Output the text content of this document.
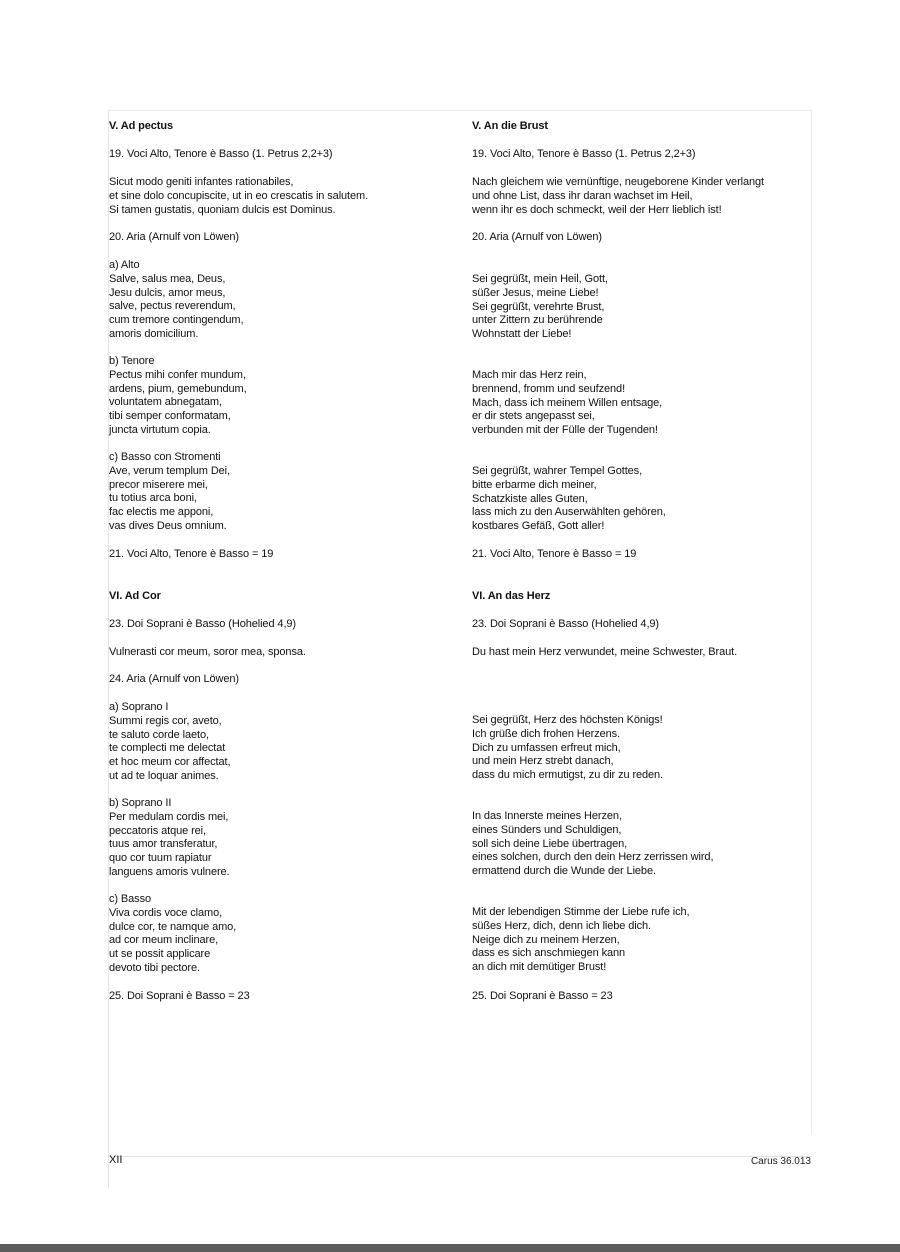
V. Ad pectus
19. Voci Alto, Tenore è Basso (1. Petrus 2,2+3)
Sicut modo geniti infantes rationabiles,
et sine dolo concupiscite, ut in eo crescatis in salutem.
Si tamen gustatis, quoniam dulcis est Dominus.
20. Aria (Arnulf von Löwen)
a) Alto
Salve, salus mea, Deus,
Jesu dulcis, amor meus,
salve, pectus reverendum,
cum tremore contingendum,
amoris domicilium.
b) Tenore
Pectus mihi confer mundum,
ardens, pium, gemebundum,
voluntatem abnegatam,
tibi semper conformatam,
juncta virtutum copia.
c) Basso con Stromenti
Ave, verum templum Dei,
precor miserere mei,
tu totius arca boni,
fac electis me apponi,
vas dives Deus omnium.
21. Voci Alto, Tenore è Basso = 19
VI. Ad Cor
23. Doi Soprani è Basso (Hohelied 4,9)
Vulnerasti cor meum, soror mea, sponsa.
24. Aria (Arnulf von Löwen)
a) Soprano I
Summi regis cor, aveto,
te saluto corde laeto,
te complecti me delectat
et hoc meum cor affectat,
ut ad te loquar animes.
b) Soprano II
Per medulam cordis mei,
peccatoris atque rei,
tuus amor transferatur,
quo cor tuum rapiatur
languens amoris vulnere.
c) Basso
Viva cordis voce clamo,
dulce cor, te namque amo,
ad cor meum inclinare,
ut se possit applicare
devoto tibi pectore.
25. Doi Soprani è Basso = 23
V. An die Brust
19. Voci Alto, Tenore è Basso (1. Petrus 2,2+3)
Nach gleichem wie vernünftige, neugeborene Kinder verlangt
und ohne List, dass ihr daran wachset im Heil,
wenn ihr es doch schmeckt, weil der Herr lieblich ist!
20. Aria (Arnulf von Löwen)
Sei gegrüßt, mein Heil, Gott,
süßer Jesus, meine Liebe!
Sei gegrüßt, verehrte Brust,
unter Zittern zu berührende
Wohnstatt der Liebe!
Mach mir das Herz rein,
brennend, fromm und seufzend!
Mach, dass ich meinem Willen entsage,
er dir stets angepasst sei,
verbunden mit der Fülle der Tugenden!
Sei gegrüßt, wahrer Tempel Gottes,
bitte erbarme dich meiner,
Schatzkiste alles Guten,
lass mich zu den Auserwählten gehören,
kostbares Gefäß, Gott aller!
21. Voci Alto, Tenore è Basso = 19
VI. An das Herz
23. Doi Soprani è Basso (Hohelied 4,9)
Du hast mein Herz verwundet, meine Schwester, Braut.
Sei gegrüßt, Herz des höchsten Königs!
Ich grüße dich frohen Herzens.
Dich zu umfassen erfreut mich,
und mein Herz strebt danach,
dass du mich ermutigst, zu dir zu reden.
In das Innerste meines Herzen,
eines Sünders und Schuldigen,
soll sich deine Liebe übertragen,
eines solchen, durch den dein Herz zerrissen wird,
ermattend durch die Wunde der Liebe.
Mit der lebendigen Stimme der Liebe rufe ich,
süßes Herz, dich, denn ich liebe dich.
Neige dich zu meinem Herzen,
dass es sich anschmiegen kann
an dich mit demütiger Brust!
25. Doi Soprani è Basso = 23
XII	Carus 36.013
